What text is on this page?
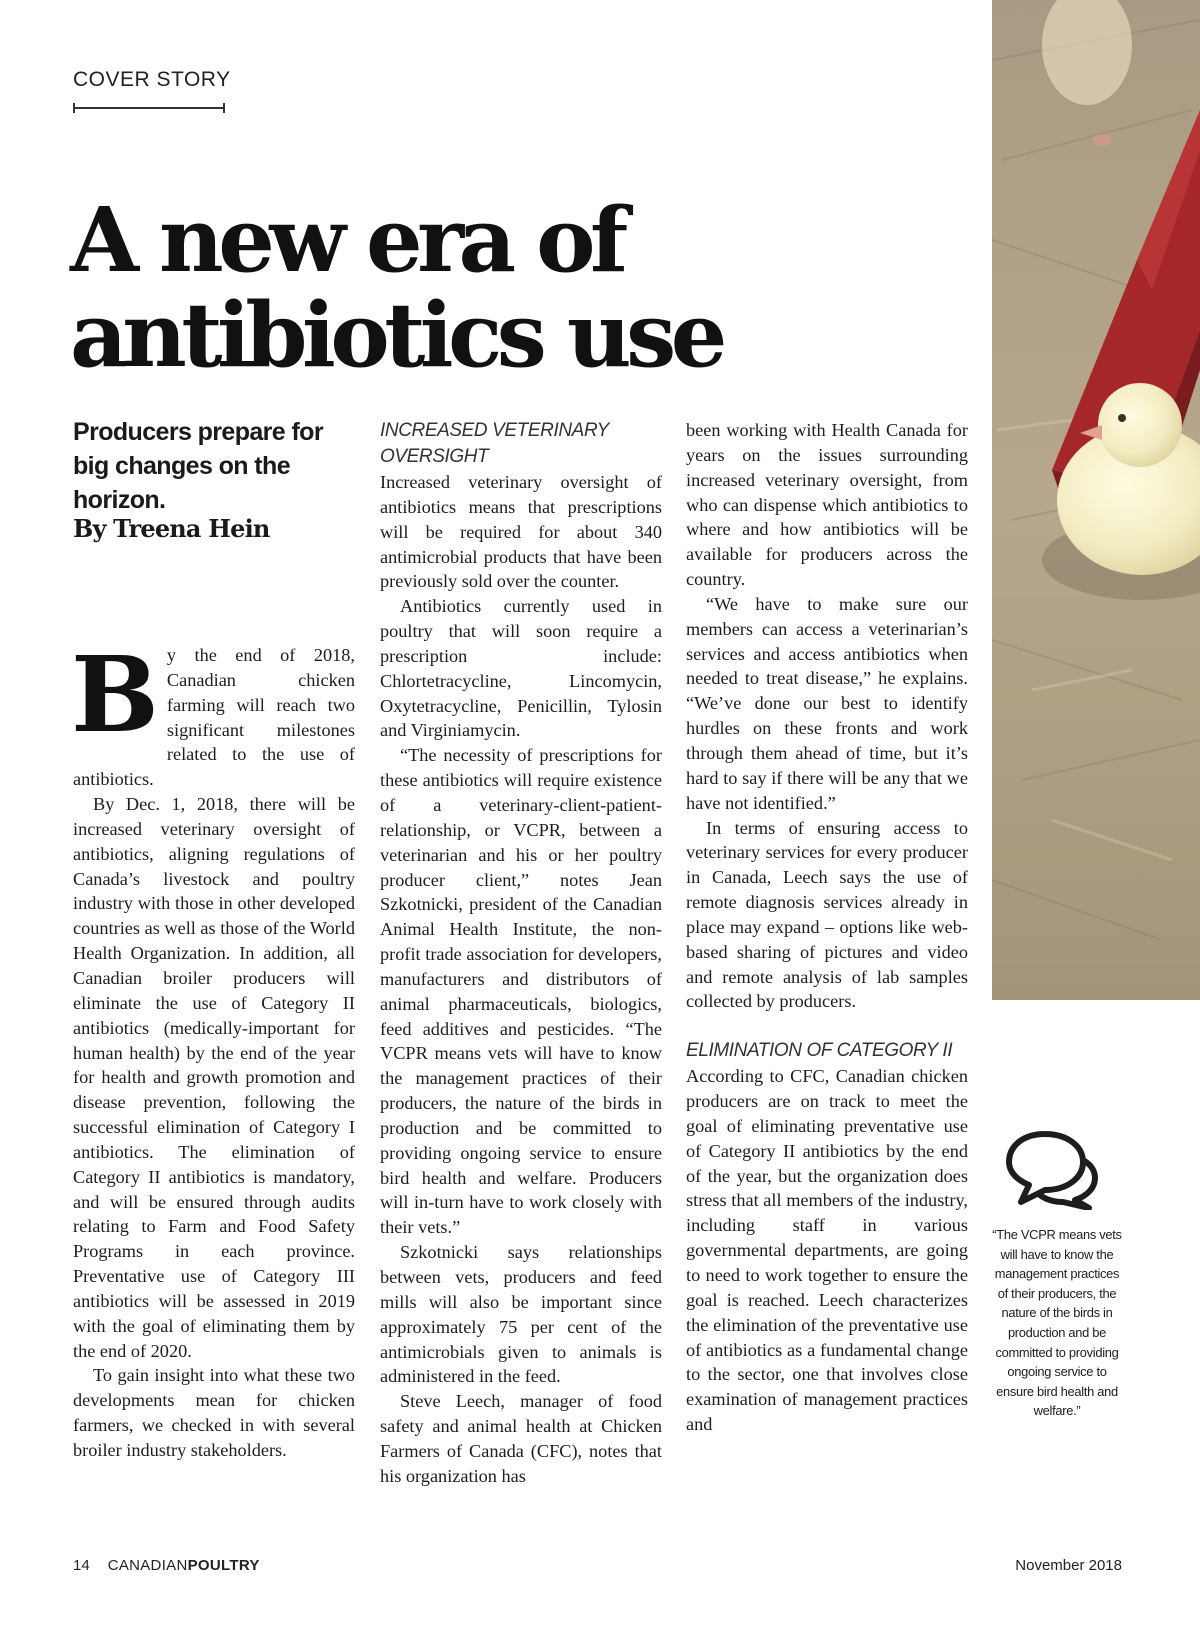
COVER STORY
A new era of
antibiotics use
Producers prepare for big changes on the horizon.
By Treena Hein

By the end of 2018, Canadian chicken farming will reach two significant milestones related to the use of antibiotics.

By Dec. 1, 2018, there will be increased veterinary oversight of antibiotics, aligning regulations of Canada’s livestock and poultry industry with those in other developed countries as well as those of the World Health Organization. In addition, all Canadian broiler producers will eliminate the use of Category II antibiotics (medically-important for human health) by the end of the year for health and growth promotion and disease prevention, following the successful elimination of Category I antibiotics. The elimination of Category II antibiotics is mandatory, and will be ensured through audits relating to Farm and Food Safety Programs in each province. Preventative use of Category III antibiotics will be assessed in 2019 with the goal of eliminating them by the end of 2020.

To gain insight into what these two developments mean for chicken farmers, we checked in with several broiler industry stakeholders.

INCREASED VETERINARY OVERSIGHT

Increased veterinary oversight of antibiotics means that prescriptions will be required for about 340 antimicrobial products that have been previously sold over the counter.

Antibiotics currently used in poultry that will soon require a prescription include: Chlortetracycline, Lincomycin, Oxytetracycline, Penicillin, Tylosin and Virginiamycin.

“The necessity of prescriptions for these antibiotics will require existence of a veterinary-client-patient-relationship, or VCPR, between a veterinarian and his or her poultry producer client,” notes Jean Szkotnicki, president of the Canadian Animal Health Institute, the non-profit trade association for developers, manufacturers and distributors of animal pharmaceuticals, biologics, feed additives and pesticides. “The VCPR means vets will have to know the management practices of their producers, the nature of the birds in production and be committed to providing ongoing service to ensure bird health and welfare. Producers will in-turn have to work closely with their vets.”

Szkotnicki says relationships between vets, producers and feed mills will also be important since approximately 75 per cent of the antimicrobials given to animals is administered in the feed.

Steve Leech, manager of food safety and animal health at Chicken Farmers of Canada (CFC), notes that his organization has

been working with Health Canada for years on the issues surrounding increased veterinary oversight, from who can dispense which antibiotics to where and how antibiotics will be available for producers across the country.

“We have to make sure our members can access a veterinarian’s services and access antibiotics when needed to treat disease,” he explains. “We’ve done our best to identify hurdles on these fronts and work through them ahead of time, but it’s hard to say if there will be any that we have not identified.”

In terms of ensuring access to veterinary services for every producer in Canada, Leech says the use of remote diagnosis services already in place may expand – options like web-based sharing of pictures and video and remote analysis of lab samples collected by producers.

ELIMINATION OF CATEGORY II

According to CFC, Canadian chicken producers are on track to meet the goal of eliminating preventative use of Category II antibiotics by the end of the year, but the organization does stress that all members of the industry, including staff in various governmental departments, are going to need to work together to ensure the goal is reached. Leech characterizes the elimination of the preventative use of antibiotics as a fundamental change to the sector, one that involves close examination of management practices and

“The VCPR means vets will have to know the management practices of their producers, the nature of the birds in production and be committed to providing ongoing service to ensure bird health and welfare.”
14 CANADIANPOULTRY	November 2018
